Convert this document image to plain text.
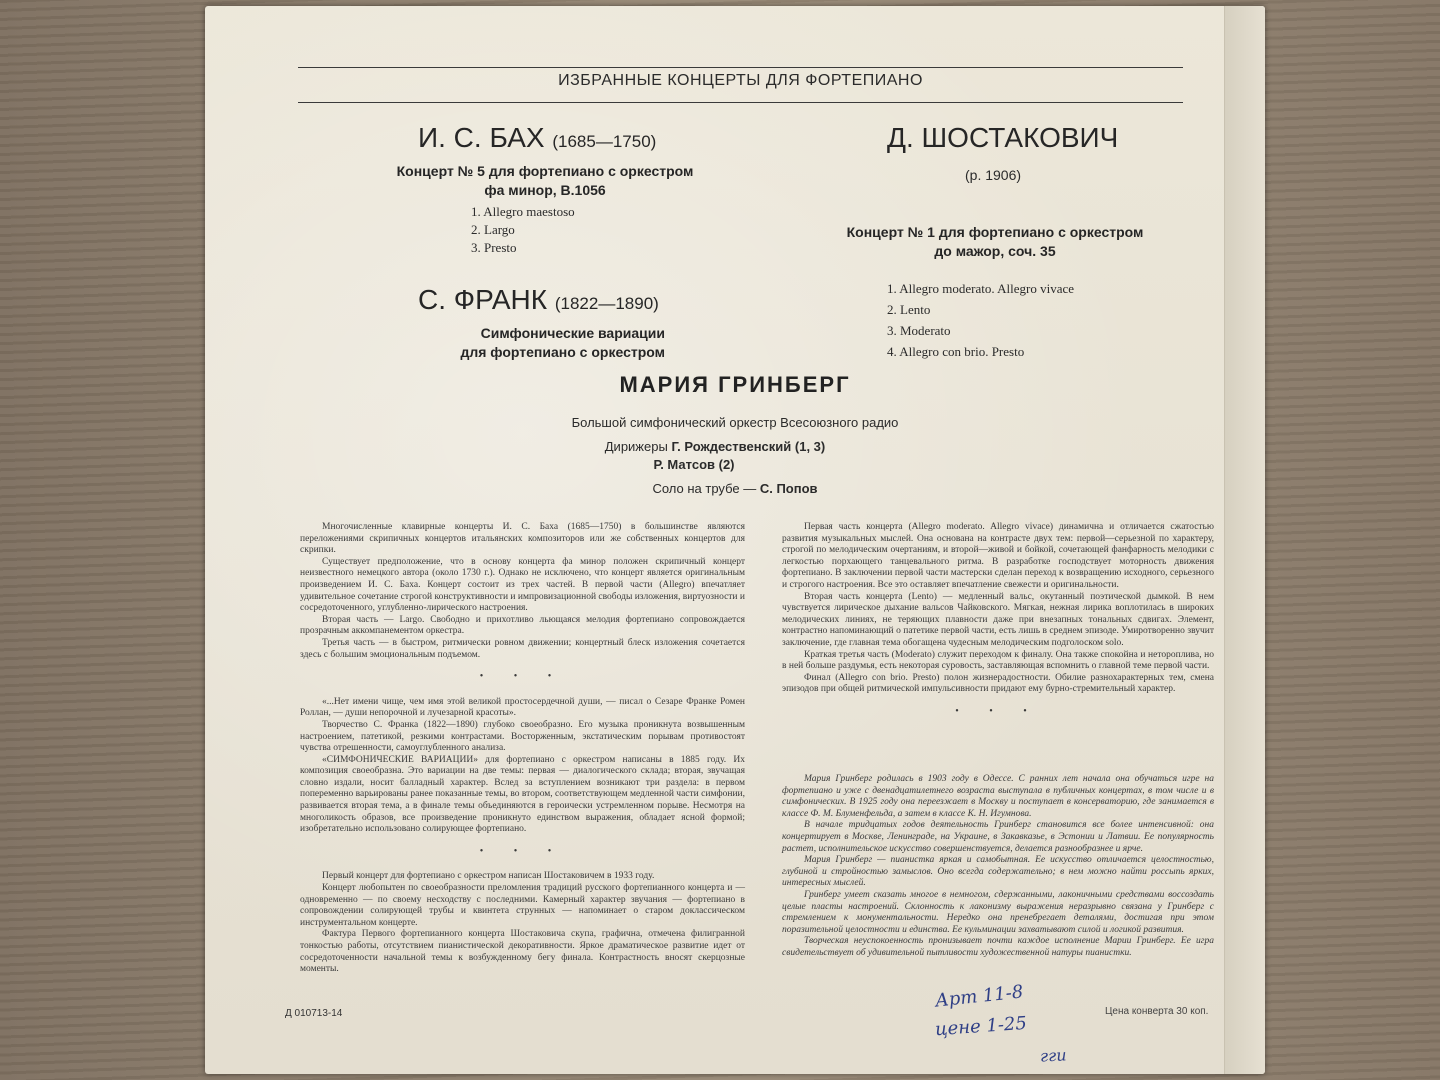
ИЗБРАННЫЕ КОНЦЕРТЫ ДЛЯ ФОРТЕПИАНО
И. С. БАХ (1685—1750)
Концерт № 5 для фортепиано с оркестром
фа минор, В.1056
1. Allegro maestoso
2. Largo
3. Presto
С. ФРАНК (1822—1890)
Симфонические вариации
для фортепиано с оркестром
Д. ШОСТАКОВИЧ
(р. 1906)
Концерт № 1 для фортепиано с оркестром
до мажор, соч. 35
1. Allegro moderato. Allegro vivace
2. Lento
3. Moderato
4. Allegro con brio. Presto
МАРИЯ ГРИНБЕРГ
Большой симфонический оркестр Всесоюзного радио
Дирижеры Г. Рождественский (1, 3)
Р. Матсов (2)
Соло на трубе — С. Попов

Многочисленные клавирные концерты И. С. Баха (1685—1750) в большинстве являются переложениями скрипичных концертов итальянских композиторов или же собственных концертов для скрипки.

Существует предположение, что в основу концерта фа минор положен скрипичный концерт неизвестного немецкого автора (около 1730 г.). Однако не исключено, что концерт является оригинальным произведением И. С. Баха. Концерт состоит из трех частей. В первой части (Allegro) впечатляет удивительное сочетание строгой конструктивности и импровизационной свободы изложения, виртуозности и сосредоточенного, углубленно-лирического настроения.

Вторая часть — Largo. Свободно и прихотливо льющаяся мелодия фортепиано сопровождается прозрачным аккомпанементом оркестра.

Третья часть — в быстром, ритмически ровном движении; концертный блеск изложения сочетается здесь с большим эмоциональным подъемом.

• • •

«...Нет имени чище, чем имя этой великой простосердечной души, — писал о Сезаре Франке Ромен Роллан, — души непорочной и лучезарной красоты».

Творчество С. Франка (1822—1890) глубоко своеобразно. Его музыка проникнута возвышенным настроением, патетикой, резкими контрастами. Восторженным, экстатическим порывам противостоят чувства отрешенности, самоуглубленного анализа.

«СИМФОНИЧЕСКИЕ ВАРИАЦИИ» для фортепиано с оркестром написаны в 1885 году. Их композиция своеобразна. Это вариации на две темы: первая — диалогического склада; вторая, звучащая словно издали, носит балладный характер. Вслед за вступлением возникают три раздела: в первом попеременно варьированы ранее показанные темы, во втором, соответствующем медленной части симфонии, развивается вторая тема, а в финале темы объединяются в героически устремленном порыве. Несмотря на многоликость образов, все произведение проникнуто единством выражения, обладает ясной формой; изобретательно использовано солирующее фортепиано.

• • •

Первый концерт для фортепиано с оркестром написан Шостаковичем в 1933 году.

Концерт любопытен по своеобразности преломления традиций русского фортепианного концерта и — одновременно — по своему несходству с последними. Камерный характер звучания — фортепиано в сопровождении солирующей трубы и квинтета струнных — напоминает о старом доклассическом инструментальном концерте.

Фактура Первого фортепианного концерта Шостаковича скупа, графична, отмечена филигранной тонкостью работы, отсутствием пианистической декоративности. Яркое драматическое развитие идет от сосредоточенности начальной темы к возбужденному бегу финала. Контрастность вносят скерцозные моменты.

Первая часть концерта (Allegro moderato. Allegro vivace) динамична и отличается сжатостью развития музыкальных мыслей. Она основана на контрасте двух тем: первой—серьезной по характеру, строгой по мелодическим очертаниям, и второй—живой и бойкой, сочетающей фанфарность мелодики с легкостью порхающего танцевального ритма. В разработке господствует моторность движения фортепиано. В заключении первой части мастерски сделан переход к возвращению исходного, серьезного и строгого настроения. Все это оставляет впечатление свежести и оригинальности.

Вторая часть концерта (Lento) — медленный вальс, окутанный поэтической дымкой. В нем чувствуется лирическое дыхание вальсов Чайковского. Мягкая, нежная лирика воплотилась в широких мелодических линиях, не теряющих плавности даже при внезапных тональных сдвигах. Элемент, контрастно напоминающий о патетике первой части, есть лишь в среднем эпизоде. Умиротворенно звучит заключение, где главная тема обогащена чудесным мелодическим подголоском solo.

Краткая третья часть (Moderato) служит переходом к финалу. Она также спокойна и неторопливa, но в ней больше раздумья, есть некоторая суровость, заставляющая вспомнить о главной теме первой части.

Финал (Allegro con brio. Presto) полон жизнерадостности. Обилие разнохарактерных тем, смена эпизодов при общей ритмической импульсивности придают ему бурно-стремительный характер.

• • •

Мария Гринберг родилась в 1903 году в Одессе. С ранних лет начала она обучаться игре на фортепиано и уже с двенадцатилетнего возраста выступала в публичных концертах, в том числе и в симфонических. В 1925 году она переезжает в Москву и поступает в консерваторию, где занимается в классе Ф. М. Блуменфельда, а затем в классе К. Н. Игумнова.

В начале тридцатых годов деятельность Гринберг становится все более интенсивной: она концертирует в Москве, Ленинграде, на Украине, в Закавказье, в Эстонии и Латвии. Ее популярность растет, исполнительское искусство совершенствуется, делается разнообразнее и ярче.

Мария Гринберг — пианистка яркая и самобытная. Ее искусство отличается целостностью, глубиной и стройностью замыслов. Оно всегда содержательно; в нем можно найти россыпь ярких, интересных мыслей.

Гринберг умеет сказать многое в немногом, сдержанными, лаконичными средствами воссоздать целые пласты настроений. Склонность к лаконизму выражения неразрывно связана у Гринберг с стремлением к монументальности. Нередко она пренебрегает деталями, достигая при этом поразительной целостности и единства. Ее кульминации захватывают силой и логикой развития.

Творческая неуспокоенность пронизывает почти каждое исполнение Марии Гринберг. Ее игра свидетельствует об удивительной пытливости художественной натуры пианистки.

Д 010713-14	Цена конверта 30 коп.
Арт 11-8
цене 1-25
гги
